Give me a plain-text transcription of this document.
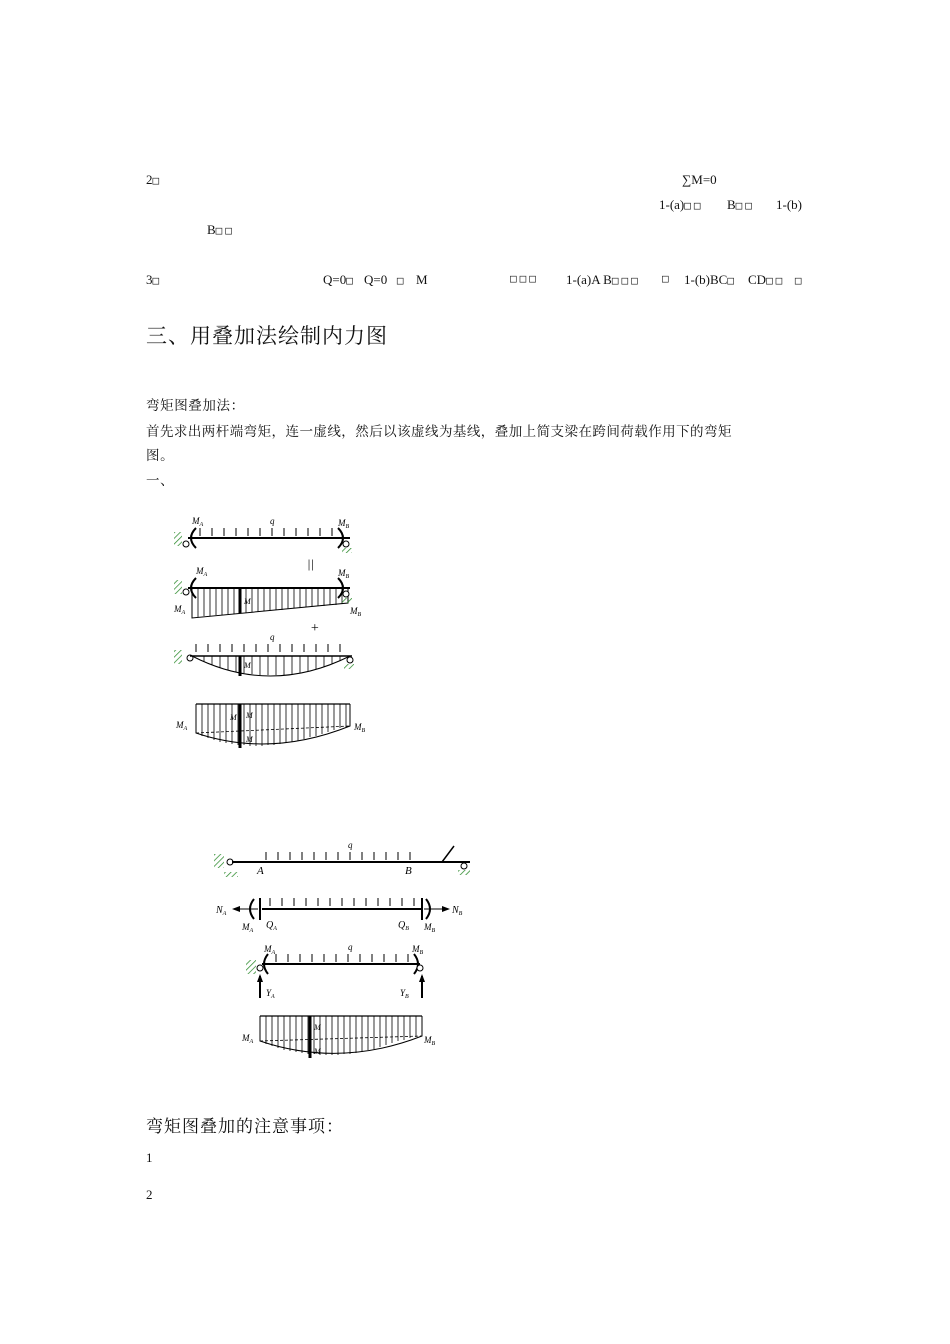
2□	∑M=0
1-(a)□□ B□□ 1-(b)
B□□
3□	Q=0□ Q=0 □ M	□□□ 1-(a)A B□□□ □ 1-(b)BC□ CD□□ □
三、用叠加法绘制内力图
弯矩图叠加法：
首先求出两杆端弯矩，连一虚线，然后以该虚线为基线，叠加上简支梁在跨间荷载作用下的弯矩
图。
一、
$M_A$	q	$M_B$
||
$M_A$	$M_B$
$M_A$	$M_B$
M
+
q
M
$M_A$	$M_B$
M M
M
q
A	B
$N_A$	$N_B$
$M_A$ $Q_A$	$Q_B$ $M_B$
$M_A$
q	$M_B$
$Y_A$	$Y_B$
M
M
$M_A$	$M_B$
弯矩图叠加的注意事项：
1
2
